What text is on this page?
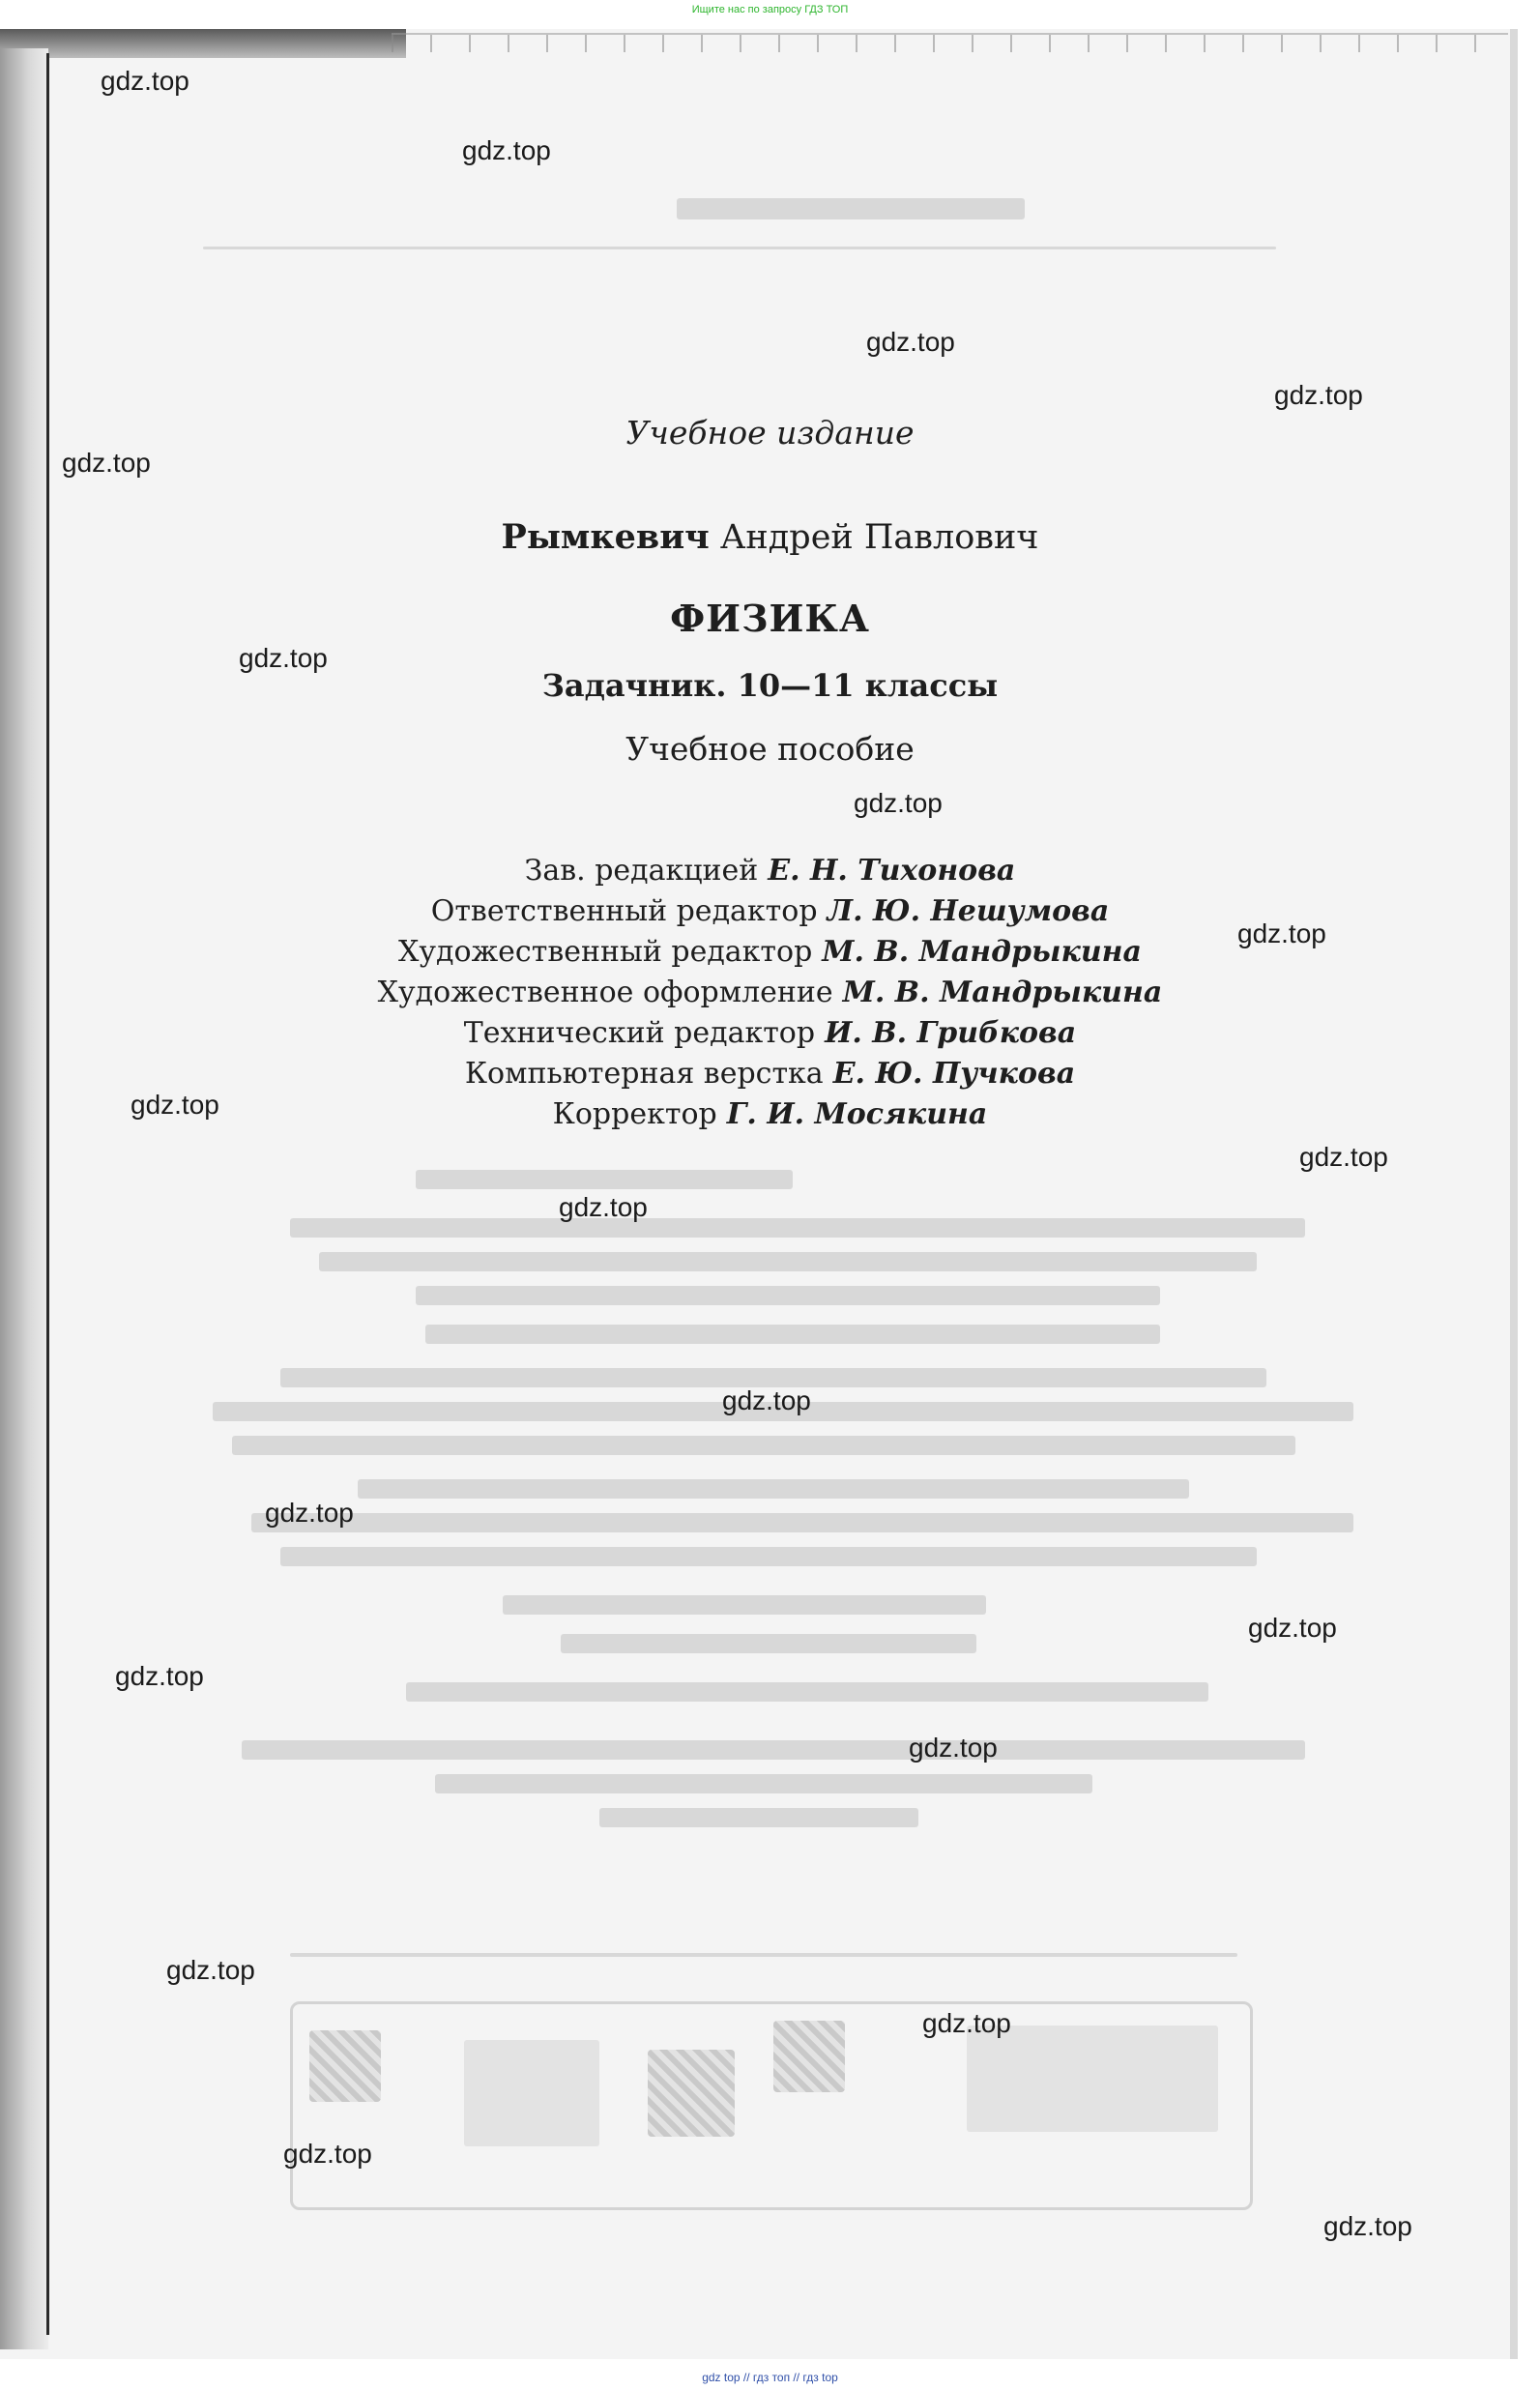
Ищите нас по запросу ГДЗ ТОП
Учебное издание
Рымкевич Андрей Павлович
ФИЗИКА
Задачник. 10—11 классы
Учебное пособие
Зав. редакцией Е. Н. Тихонова
Ответственный редактор Л. Ю. Нешумова
Художественный редактор М. В. Мандрыкина
Художественное оформление М. В. Мандрыкина
Технический редактор И. В. Грибкова
Компьютерная верстка Е. Ю. Пучкова
Корректор Г. И. Мосякина
gdz.top
gdz.top
gdz.top
gdz.top
gdz.top
gdz.top
gdz.top
gdz.top
gdz.top
gdz.top
gdz.top
gdz.top
gdz.top
gdz.top
gdz.top
gdz.top
gdz.top
gdz.top
gdz.top
gdz.top
gdz top // гдз топ // гдз top
